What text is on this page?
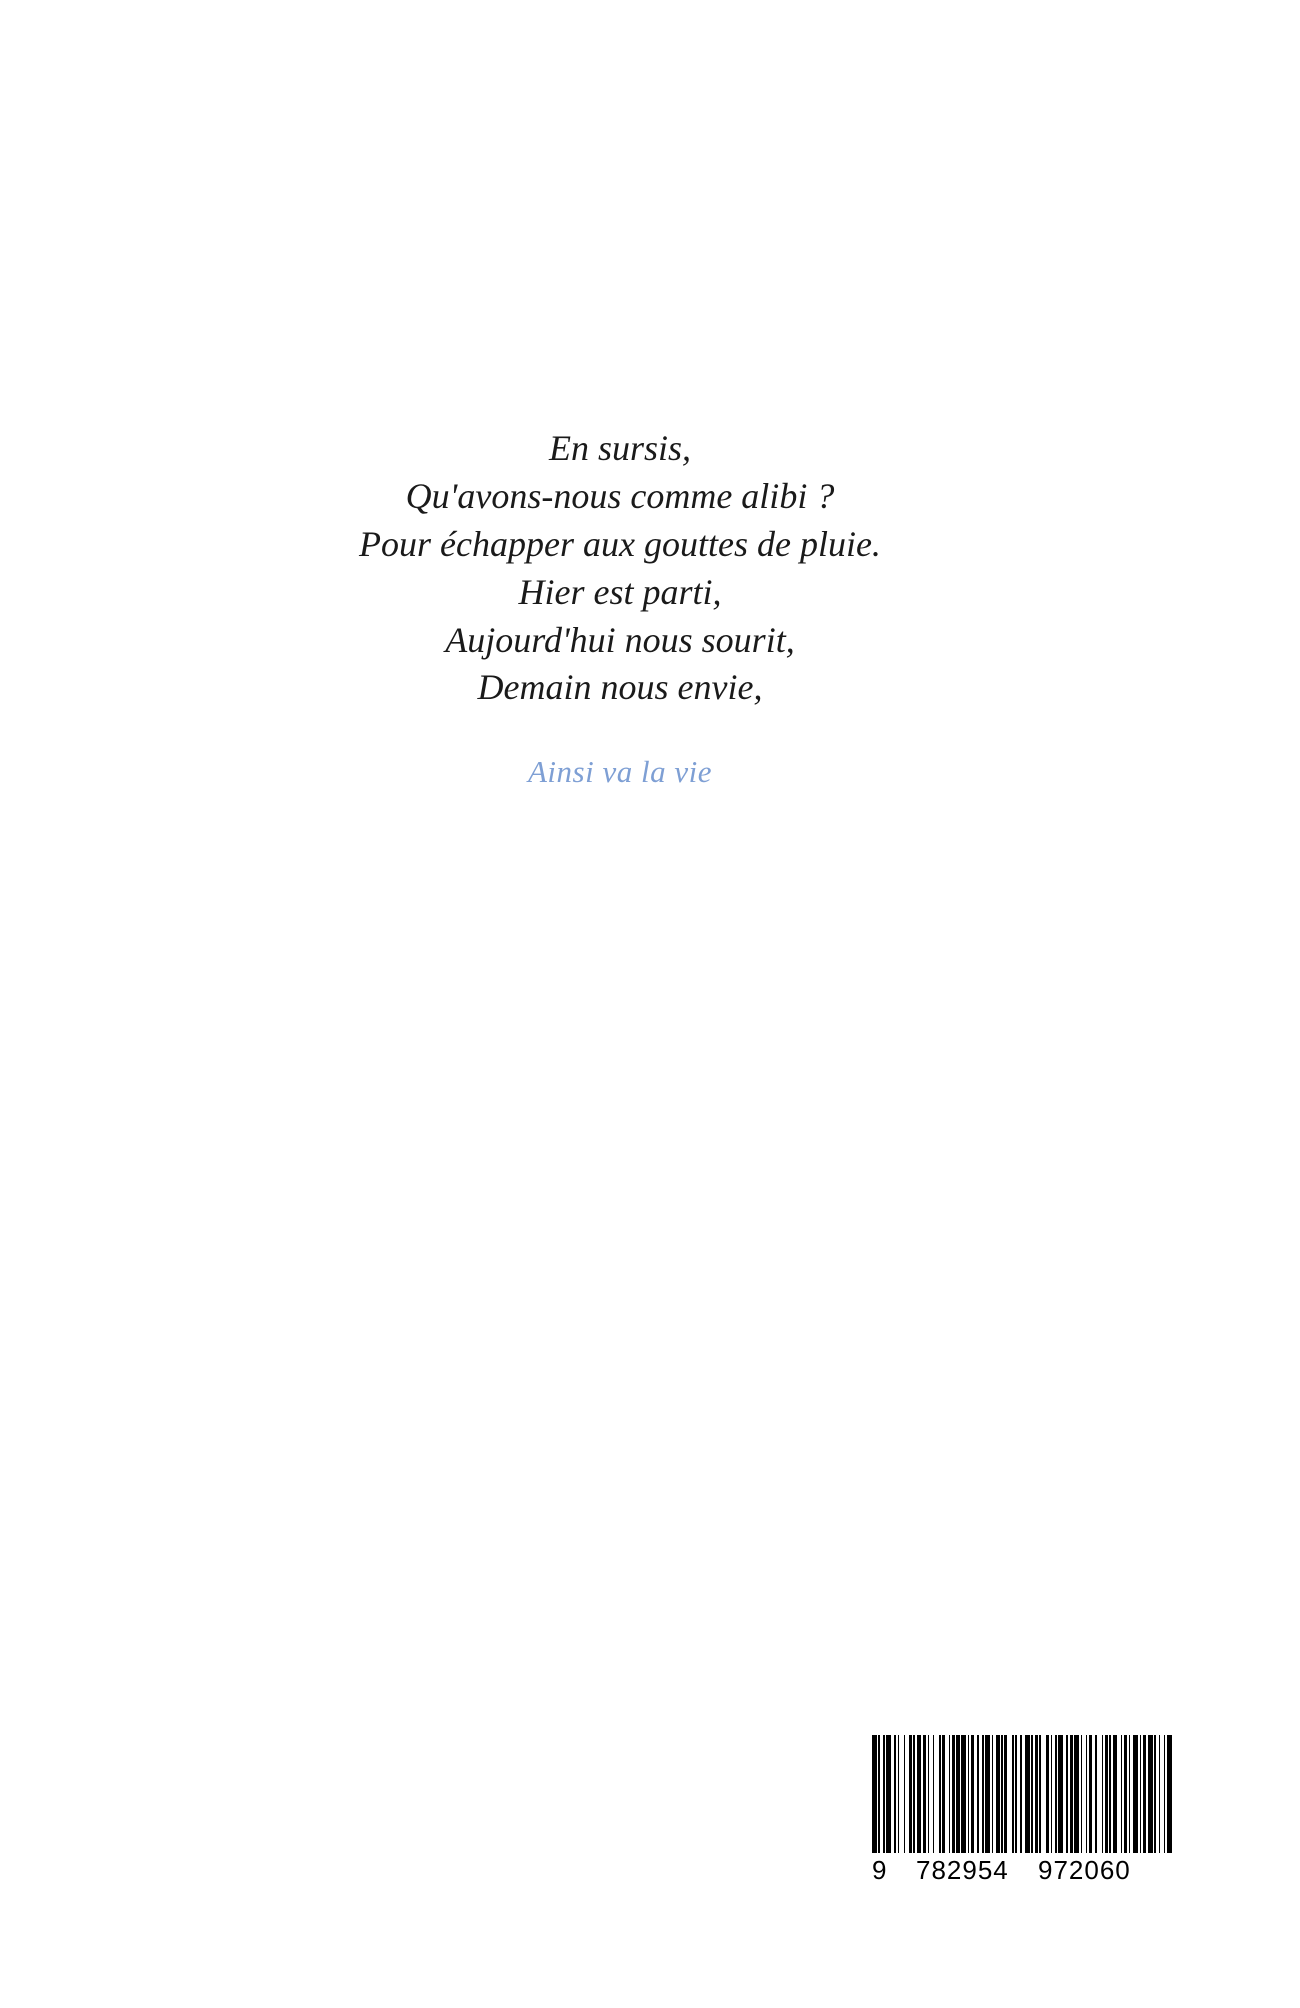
En sursis,
Qu'avons-nous comme alibi ?
Pour échapper aux gouttes de pluie.
Hier est parti,
Aujourd'hui nous sourit,
Demain nous envie,
Ainsi va la vie
9 782954 972060
